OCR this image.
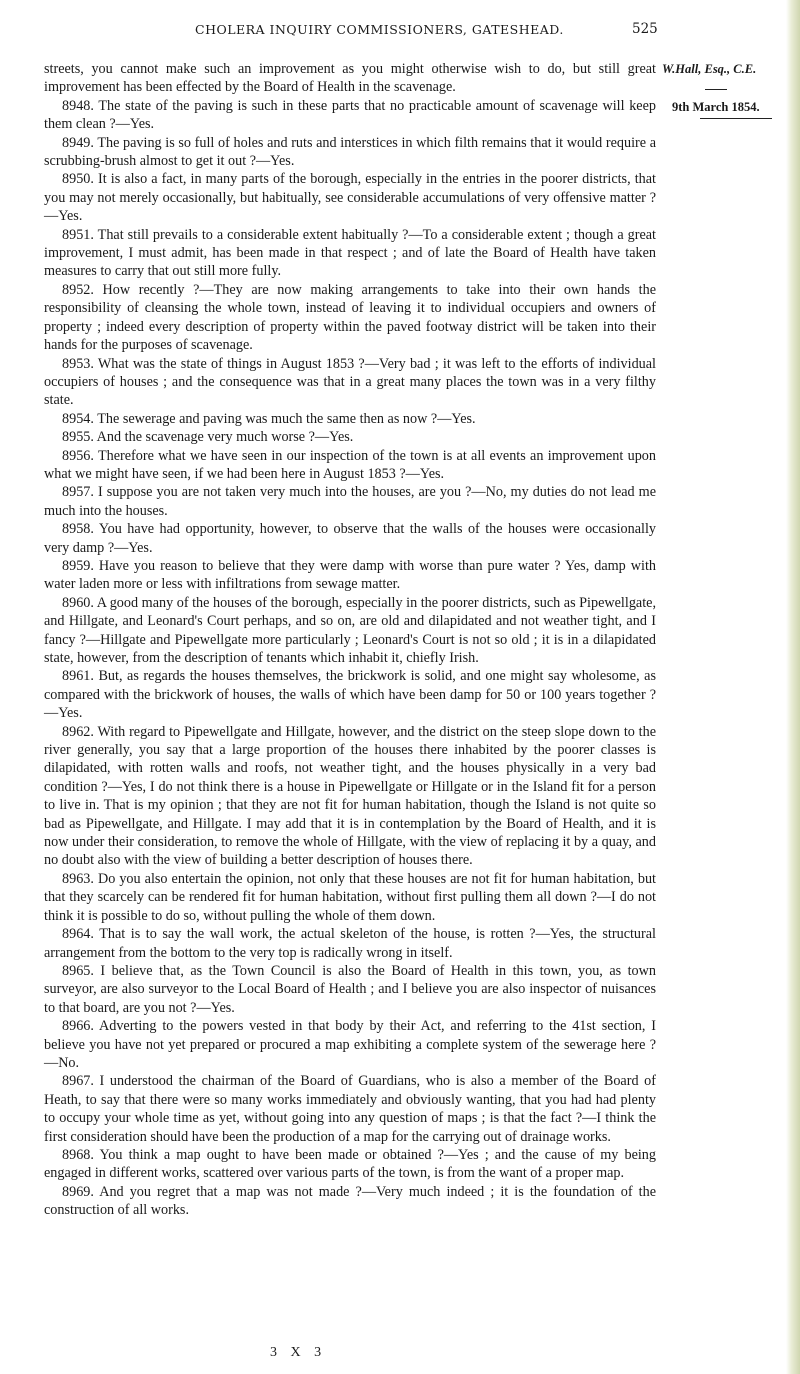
CHOLERA INQUIRY COMMISSIONERS, GATESHEAD.	525
W.Hall, Esq., C.E.
9th March 1854.

streets, you cannot make such an improvement as you might otherwise wish to do, but still great improvement has been effected by the Board of Health in the scavenage.

8948. The state of the paving is such in these parts that no practicable amount of scavenage will keep them clean ?—Yes.

8949. The paving is so full of holes and ruts and interstices in which filth remains that it would require a scrubbing-brush almost to get it out ?—Yes.

8950. It is also a fact, in many parts of the borough, especially in the entries in the poorer districts, that you may not merely occasionally, but habitually, see considerable accumulations of very offensive matter ?—Yes.

8951. That still prevails to a considerable extent habitually ?—To a considerable extent ; though a great improvement, I must admit, has been made in that respect ; and of late the Board of Health have taken measures to carry that out still more fully.

8952. How recently ?—They are now making arrangements to take into their own hands the responsibility of cleansing the whole town, instead of leaving it to individual occupiers and owners of property ; indeed every description of property within the paved footway district will be taken into their hands for the purposes of scavenage.

8953. What was the state of things in August 1853 ?—Very bad ; it was left to the efforts of individual occupiers of houses ; and the consequence was that in a great many places the town was in a very filthy state.

8954. The sewerage and paving was much the same then as now ?—Yes.

8955. And the scavenage very much worse ?—Yes.

8956. Therefore what we have seen in our inspection of the town is at all events an improvement upon what we might have seen, if we had been here in August 1853 ?—Yes.

8957. I suppose you are not taken very much into the houses, are you ?—No, my duties do not lead me much into the houses.

8958. You have had opportunity, however, to observe that the walls of the houses were occasionally very damp ?—Yes.

8959. Have you reason to believe that they were damp with worse than pure water ? Yes, damp with water laden more or less with infiltrations from sewage matter.

8960. A good many of the houses of the borough, especially in the poorer districts, such as Pipewellgate, and Hillgate, and Leonard's Court perhaps, and so on, are old and dilapidated and not weather tight, and I fancy ?—Hillgate and Pipewellgate more particularly ; Leonard's Court is not so old ; it is in a dilapidated state, however, from the description of tenants which inhabit it, chiefly Irish.

8961. But, as regards the houses themselves, the brickwork is solid, and one might say wholesome, as compared with the brickwork of houses, the walls of which have been damp for 50 or 100 years together ?—Yes.

8962. With regard to Pipewellgate and Hillgate, however, and the district on the steep slope down to the river generally, you say that a large proportion of the houses there inhabited by the poorer classes is dilapidated, with rotten walls and roofs, not weather tight, and the houses physically in a very bad condition ?—Yes, I do not think there is a house in Pipewellgate or Hillgate or in the Island fit for a person to live in. That is my opinion ; that they are not fit for human habitation, though the Island is not quite so bad as Pipewellgate, and Hillgate. I may add that it is in contemplation by the Board of Health, and it is now under their consideration, to remove the whole of Hillgate, with the view of replacing it by a quay, and no doubt also with the view of building a better description of houses there.

8963. Do you also entertain the opinion, not only that these houses are not fit for human habitation, but that they scarcely can be rendered fit for human habitation, without first pulling them all down ?—I do not think it is possible to do so, without pulling the whole of them down.

8964. That is to say the wall work, the actual skeleton of the house, is rotten ?—Yes, the structural arrangement from the bottom to the very top is radically wrong in itself.

8965. I believe that, as the Town Council is also the Board of Health in this town, you, as town surveyor, are also surveyor to the Local Board of Health ; and I believe you are also inspector of nuisances to that board, are you not ?—Yes.

8966. Adverting to the powers vested in that body by their Act, and referring to the 41st section, I believe you have not yet prepared or procured a map exhibiting a complete system of the sewerage here ?—No.

8967. I understood the chairman of the Board of Guardians, who is also a member of the Board of Heath, to say that there were so many works immediately and obviously wanting, that you had had plenty to occupy your whole time as yet, without going into any question of maps ; is that the fact ?—I think the first consideration should have been the production of a map for the carrying out of drainage works.

8968. You think a map ought to have been made or obtained ?—Yes ; and the cause of my being engaged in different works, scattered over various parts of the town, is from the want of a proper map.

8969. And you regret that a map was not made ?—Very much indeed ; it is the foundation of the construction of all works.

3 X 3
